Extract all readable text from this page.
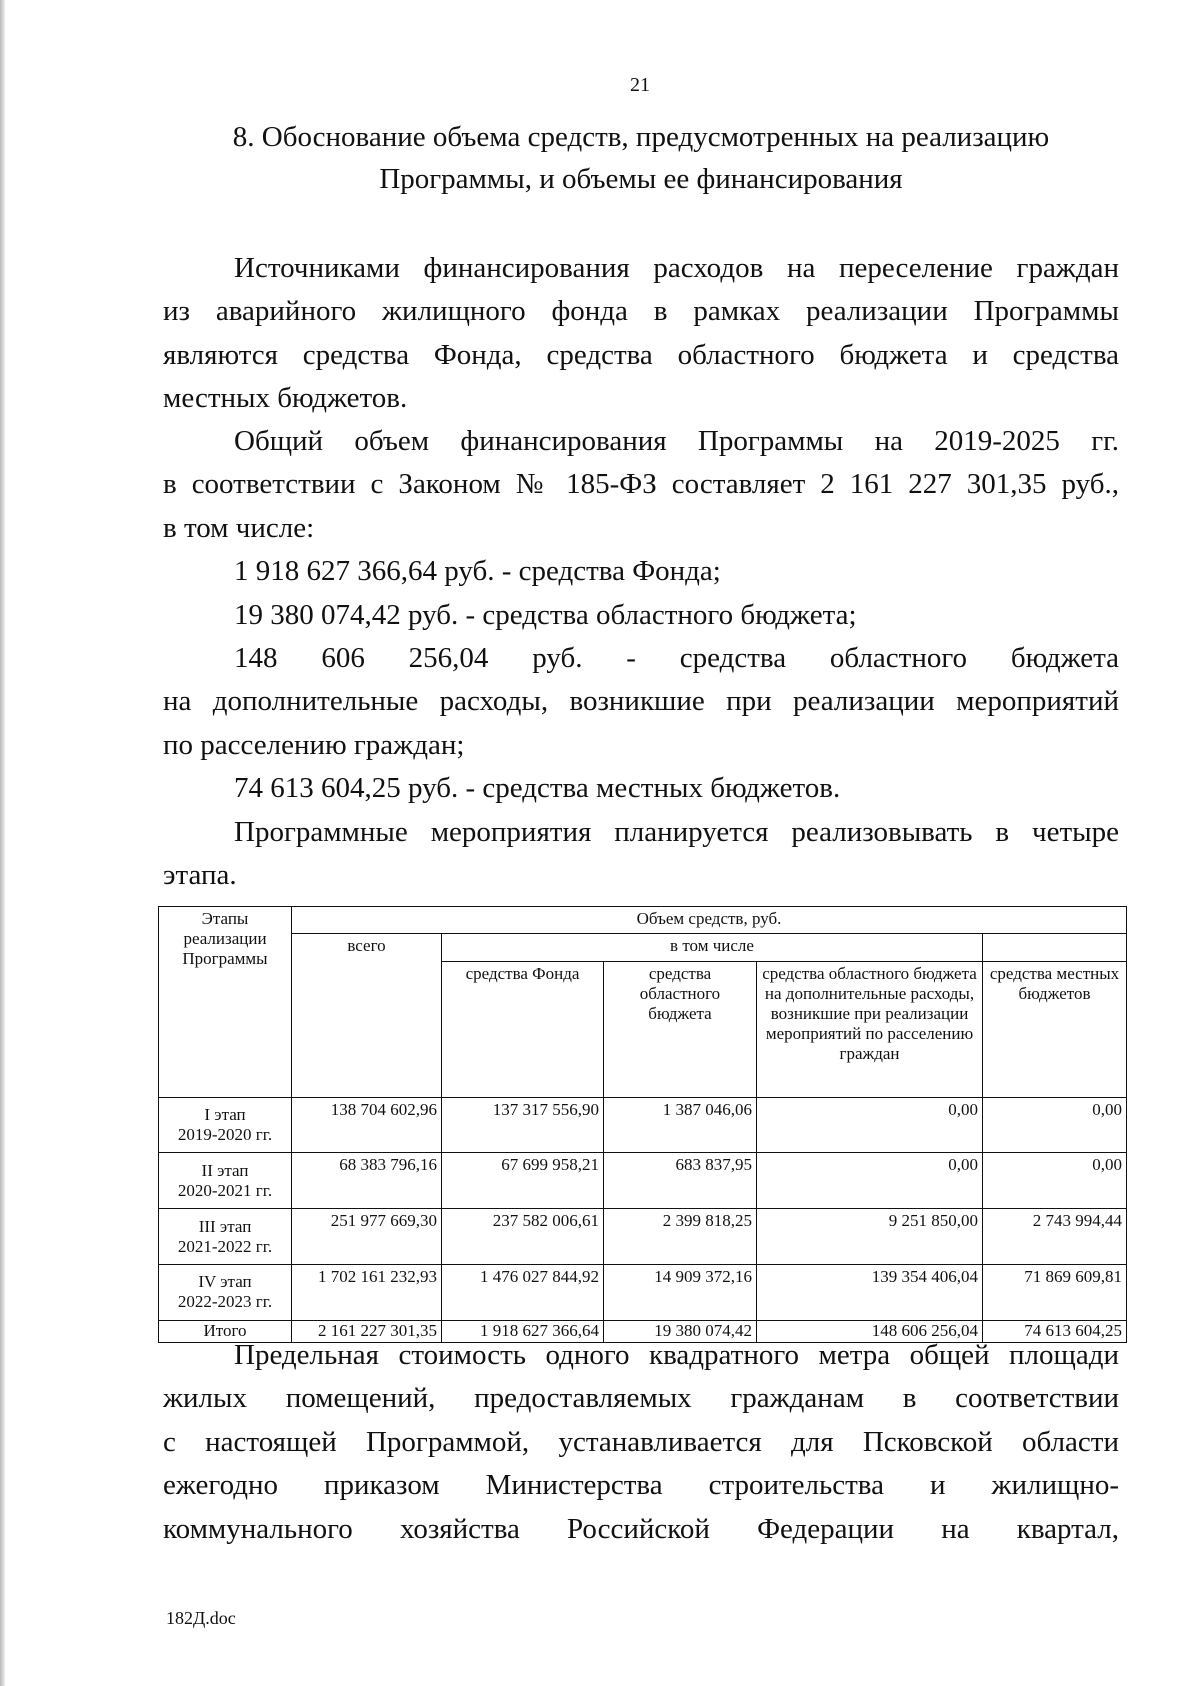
21
8. Обоснование объема средств, предусмотренных на реализацию
Программы, и объемы ее финансирования

Источниками финансирования расходов на переселение граждан

из аварийного жилищного фонда в рамках реализации Программы

являются средства Фонда, средства областного бюджета и средства

местных бюджетов.

Общий объем финансирования Программы на 2019-2025 гг.

в соответствии с Законом № 185-ФЗ составляет 2 161 227 301,35 руб.,

в том числе:

1 918 627 366,64 руб. - средства Фонда;

19 380 074,42 руб. - средства областного бюджета;

148 606 256,04 руб. - средства областного бюджета

на дополнительные расходы, возникшие при реализации мероприятий

по расселению граждан;

74 613 604,25 руб. - средства местных бюджетов.

Программные мероприятия планируется реализовывать в четыре

этапа.

Этапы реализации Программы	Объем средств, руб.				
	всего	в том числе			
		средства Фонда	средства областного бюджета	средства областного бюджета на дополнительные расходы, возникшие при реализации мероприятий по расселению граждан	средства местных бюджетов

I этап
2019-2020 гг.	138 704 602,96	137 317 556,90	1 387 046,06	0,00	0,00

II этап
2020-2021 гг.	68 383 796,16	67 699 958,21	683 837,95	0,00	0,00

III этап
2021-2022 гг.	251 977 669,30	237 582 006,61	2 399 818,25	9 251 850,00	2 743 994,44

IV этап
2022-2023 гг.	1 702 161 232,93	1 476 027 844,92	14 909 372,16	139 354 406,04	71 869 609,81
Итого	2 161 227 301,35	1 918 627 366,64	19 380 074,42	148 606 256,04	74 613 604,25

Предельная стоимость одного квадратного метра общей площади

жилых помещений, предоставляемых гражданам в соответствии

с настоящей Программой, устанавливается для Псковской области

ежегодно приказом Министерства строительства и жилищно-

коммунального хозяйства Российской Федерации на квартал,

182Д.doc
